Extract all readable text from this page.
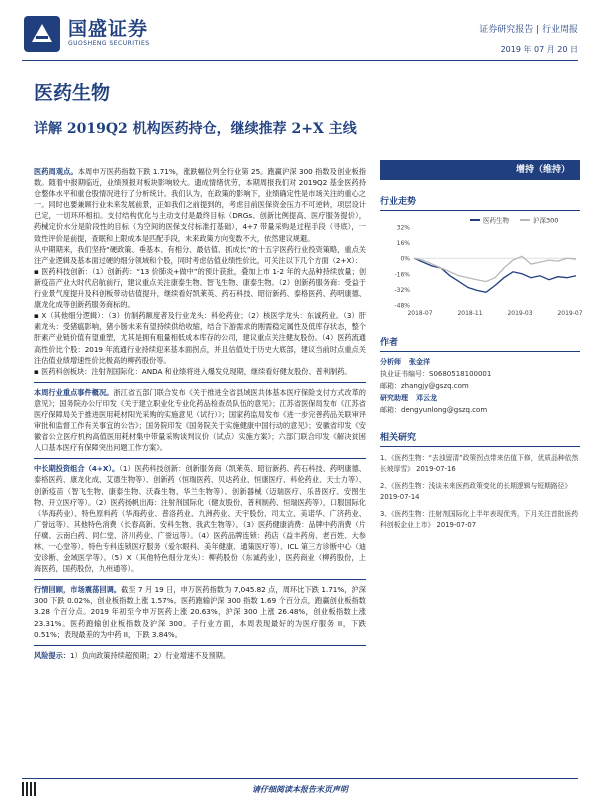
国盛证券
GUOSHENG SECURITIES
证券研究报告 | 行业周报
2019 年 07 月 20 日
医药生物
详解 2019Q2 机构医药持仓，继续推荐 2+X 主线

医药周观点。本周申万医药指数下跌 1.71%，涨跌幅位列全行业第 25。跑赢沪深 300 指数及创业板指数。随着中报期临近，业绩预报对板块影响较大。遗成情绪优劳，本期周报我们对 2019Q2 基金医药持仓整体水平和重仓股情况进行了分析统计。我们认为，在政策的影响下，业绩确定性是市场关注的重心之一。同时也要兼顾行业未来发展前景，正如我们之前提到的，考虑目前医保资金压力不可逆转，项层设计已定，一切环环相扣。支付结构优化与主动支付是最终目标（DRGs、创新比例提高、医疗服务提价），药械定价水分是阶段性的目标（为空间的医保支付标准打基础），4+7 带量采购是过程手段（寻底），一致性评价是前提，查眠和上限成本是匹配手段，未来政策方向变数不大，依然建议规避。

从中期期来，我们坚持“硬政策、垂基本、有相分、最估值、抓成长”的十五字医药行业投资策略，重点关注产业逻辑及基本面过硬的细分领域和个股，同时考虑估值业绩性价比，可关注以下几个方面（2+X）：

▪ 医药科技创新：（1）创新药：“13 价肺炎+做中”的预计获批，叠加上市 1-2 年的大品种持续放量；创新疫苗产业大时代启航前行，建议重点关注康泰生物、智飞生物、康泰生物。（2）创新药服务商：受益于行业景气度提升及科创板带动估值提升，继续看好凯莱英、药石科技、昭衍新药、泰格医药、药明康德、康龙化成等创新药服务商标的。

▪ X（其他细分逻辑）：（3）仿制药额度者及行业龙头：科伦药业；（2）核医学龙头：东诚药业。（3）肝素龙头：受猪瘟影响，猪小肠未来有望持续供给收缩，结合下游需求的刚需稳定属性及低库存状态，整个肝素产业链价值有望重塑，尤其是拥有粗量相低成本库存的公司，建议重点关注健友股份。（4）医药流通高性价比个股：2019 年流通行业持续迎来基本面拐点，并且估值处于历史大底部，建议当前时点重点关注估值业绩增速性价比极高的柳药股份等。

▪ 医药科创板块：注射剂国际化：ANDA 和业绩将进入爆发兑现期，继续看好健友股份、普利制药。

本周行业重点事件概况。浙江省五部门联合发布《关于推进全省县域医共体基本医疗保险支付方式改革的意见》；国务院办公厅印发《关于建立职业化专业化药品检查员队伍的意见》；江苏省医保局发布《江苏省医疗保障局关于推进医用耗材阳光采购的实施意见（试行）》；国家药监局发布《进一步完善药品关联审评审批和监督工作有关事宜的公告》；国务院印发《国务院关于实施健康中国行动的意见》；安徽省印发《安徽省公立医疗机构高值医用耗材集中带量采购谈判议价（试点）实施方案》；六部门联合印发《解决贫困人口基本医疗有保障突出问题工作方案》。

中长期投资组合（4+X）。（1）医药科技创新：创新服务商（凯莱英、昭衍新药、药石科技、药明康德、泰格医药、康龙化成、艾德生物等）、创新药（恒瑞医药、贝达药业、恒康医疗、科伦药业、天士力等）、创新疫苗（智飞生物、康泰生物、沃森生物、华兰生物等）、创新器械（迈瑞医疗、乐普医疗、安图生物、开立医疗等）。（2）医药扬帆出海：注射剂国际化（健友股份、普利制药、恒瑞医药等），口服国际化（华海药业）、特色原料药（华海药业、普洛药业、九洲药业、天宇股份、司太立、美诺华、广济药业、广誉远等）、其他特色消费（长春高新、安科生物、我武生物等）。（3）医药健康消费：品牌中药消费（片仔癀、云南白药、同仁堂、济川药业、广誉远等）。（4）医药品牌连锁：药店（益丰药房、老百姓、大参林、一心堂等）、特色专科连锁医疗服务（爱尔眼科、美年健康、通策医疗等）、ICL 第三方诊断中心（迪安诊断、金域医学等）。（5）X（其他特色细分龙头）：柳药股份（东诚药业），医药商业（柳药股份，上海医药，国药股份，九州通等）。

行情回顾，市场震荡回调。截至 7 月 19 日，申万医药指数为 7,045.82 点，周环比下跌 1.71%，沪深 300 下跌 0.02%，创业板指数上涨 1.57%。医药跑输沪深 300 指数 1.69 个百分点，跑赢创业板指数 3.28 个百分点。2019 年初至今申万医药上涨 20.63%，沪深 300 上涨 26.48%，创业板指数上涨 23.31%。医药跑输创业板指数及沪深 300。子行业方面，本周表现最好的为医疗服务 II，下跌 0.51%；表现最差的为中药 II，下跌 3.84%。

风险提示：1）负向政策持续超预期；2）行业增速不及预期。

增持（维持）
行业走势
32%
16%
0%
-16%
-32%
-48%
2018-07	2018-11	2019-03	2019-07
医药生物	沪深300
作者
分析师 张金洋
执业证书编号：S0680518100001
邮箱：zhangjy@gszq.com
研究助理 邓云龙
邮箱：dengyunlong@gszq.com
相关研究
1、《医药生物：“去浊留清”政策拐点带来估值下修，优质品种依然长坡厚雪》 2019-07-16
2、《医药生物：浅谈未来医药政策变化的长期逻辑与短期路径》 2019-07-14
3、《医药生物：注射剂国际化上半年表现优秀，下月关注首批医药科创板企业上市》 2019-07-07
请仔细阅读本报告末页声明
